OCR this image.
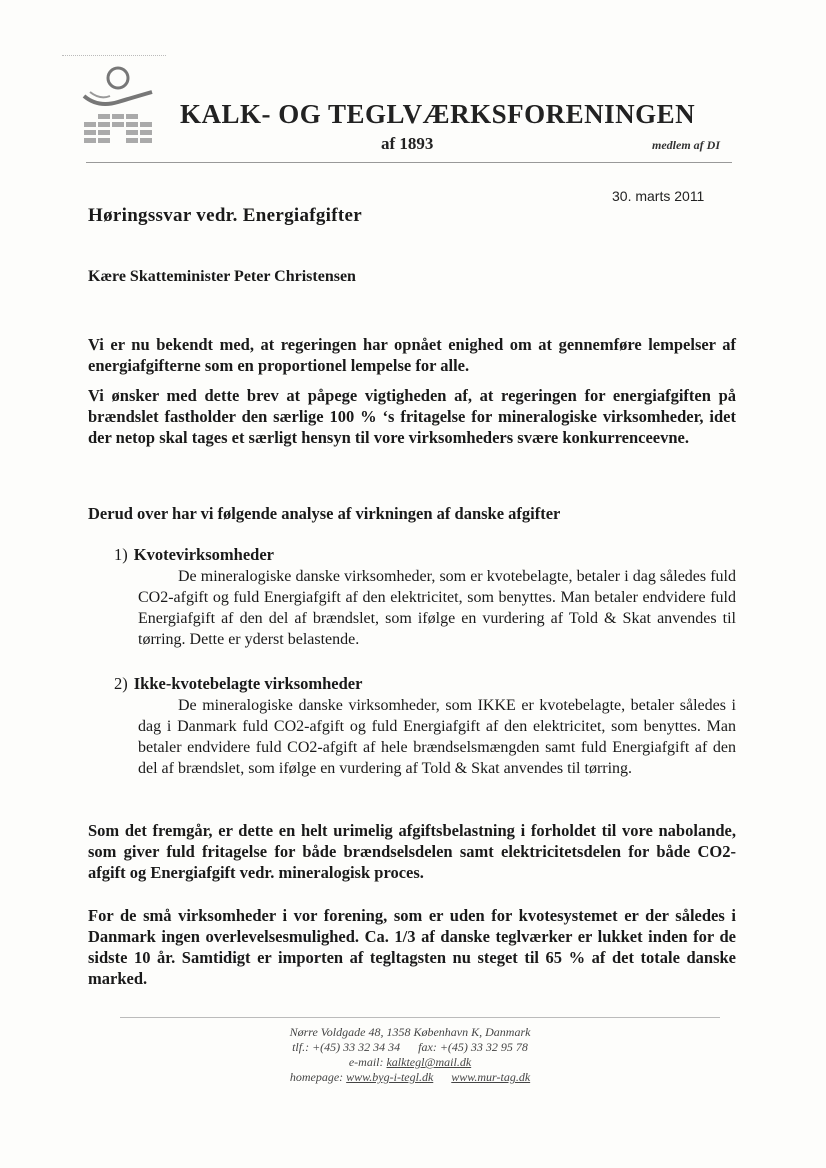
KALK- OG TEGLVÆRKSFORENINGEN
af 1893	medlem af DI
30. marts 2011
Høringssvar vedr. Energiafgifter
Kære Skatteminister Peter Christensen

Vi er nu bekendt med, at regeringen har opnået enighed om at gennemføre lempelser af energiafgifterne som en proportionel lempelse for alle.

Vi ønsker med dette brev at påpege vigtigheden af, at regeringen for energiafgiften på brændslet fastholder den særlige 100 % ‘s fritagelse for mineralogiske virksomheder, idet der netop skal tages et særligt hensyn til vore virksomheders svære konkurrenceevne.

Derud over har vi følgende analyse af virkningen af danske afgifter
1) Kvotevirksomheder

De mineralogiske danske virksomheder, som er kvotebelagte, betaler i dag således fuld CO2-afgift og fuld Energiafgift af den elektricitet, som benyttes. Man betaler endvidere fuld Energiafgift af den del af brændslet, som ifølge en vurdering af Told & Skat anvendes til tørring. Dette er yderst belastende.

2) Ikke-kvotebelagte virksomheder

De mineralogiske danske virksomheder, som IKKE er kvotebelagte, betaler således i dag i Danmark fuld CO2-afgift og fuld Energiafgift af den elektricitet, som benyttes. Man betaler endvidere fuld CO2-afgift af hele brændselsmængden samt fuld Energiafgift af den del af brændslet, som ifølge en vurdering af Told & Skat anvendes til tørring.

Som det fremgår, er dette en helt urimelig afgiftsbelastning i forholdet til vore nabolande, som giver fuld fritagelse for både brændselsdelen samt elektricitetsdelen for både CO2-afgift og Energiafgift vedr. mineralogisk proces.

For de små virksomheder i vor forening, som er uden for kvotesystemet er der således i Danmark ingen overlevelsesmulighed. Ca. 1/3 af danske teglværker er lukket inden for de sidste 10 år. Samtidigt er importen af tegltagsten nu steget til 65 % af det totale danske marked.

Nørre Voldgade 48, 1358 København K, Danmark
tlf.: +(45) 33 32 34 34 fax: +(45) 33 32 95 78
e-mail: kalktegl@mail.dk
homepage: www.byg-i-tegl.dk www.mur-tag.dk
